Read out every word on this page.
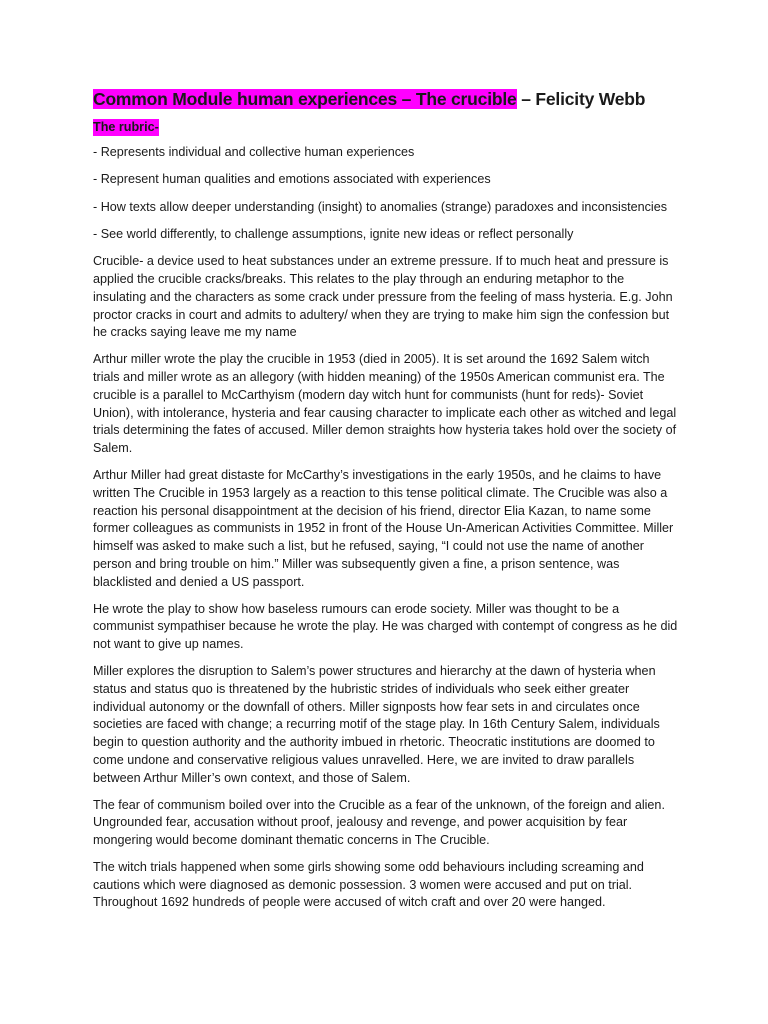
Common Module human experiences – The crucible – Felicity Webb
The rubric-

- Represents individual and collective human experiences

- Represent human qualities and emotions associated with experiences

- How texts allow deeper understanding (insight) to anomalies (strange) paradoxes and inconsistencies

- See world differently, to challenge assumptions, ignite new ideas or reflect personally

Crucible- a device used to heat substances under an extreme pressure. If to much heat and pressure is applied the crucible cracks/breaks. This relates to the play through an enduring metaphor to the insulating and the characters as some crack under pressure from the feeling of mass hysteria. E.g. John proctor cracks in court and admits to adultery/ when they are trying to make him sign the confession but he cracks saying leave me my name

Arthur miller wrote the play the crucible in 1953 (died in 2005). It is set around the 1692 Salem witch trials and miller wrote as an allegory (with hidden meaning) of the 1950s American communist era. The crucible is a parallel to McCarthyism (modern day witch hunt for communists (hunt for reds)- Soviet Union), with intolerance, hysteria and fear causing character to implicate each other as witched and legal trials determining the fates of accused. Miller demon straights how hysteria takes hold over the society of Salem.

Arthur Miller had great distaste for McCarthy’s investigations in the early 1950s, and he claims to have written The Crucible in 1953 largely as a reaction to this tense political climate. The Crucible was also a reaction his personal disappointment at the decision of his friend, director Elia Kazan, to name some former colleagues as communists in 1952 in front of the House Un-American Activities Committee. Miller himself was asked to make such a list, but he refused, saying, “I could not use the name of another person and bring trouble on him.” Miller was subsequently given a fine, a prison sentence, was blacklisted and denied a US passport.

He wrote the play to show how baseless rumours can erode society. Miller was thought to be a communist sympathiser because he wrote the play. He was charged with contempt of congress as he did not want to give up names.

Miller explores the disruption to Salem’s power structures and hierarchy at the dawn of hysteria when status and status quo is threatened by the hubristic strides of individuals who seek either greater individual autonomy or the downfall of others. Miller signposts how fear sets in and circulates once societies are faced with change; a recurring motif of the stage play. In 16th Century Salem, individuals begin to question authority and the authority imbued in rhetoric. Theocratic institutions are doomed to come undone and conservative religious values unravelled. Here, we are invited to draw parallels between Arthur Miller’s own context, and those of Salem.

The fear of communism boiled over into the Crucible as a fear of the unknown, of the foreign and alien. Ungrounded fear, accusation without proof, jealousy and revenge, and power acquisition by fear mongering would become dominant thematic concerns in The Crucible.

The witch trials happened when some girls showing some odd behaviours including screaming and cautions which were diagnosed as demonic possession. 3 women were accused and put on trial. Throughout 1692 hundreds of people were accused of witch craft and over 20 were hanged.
